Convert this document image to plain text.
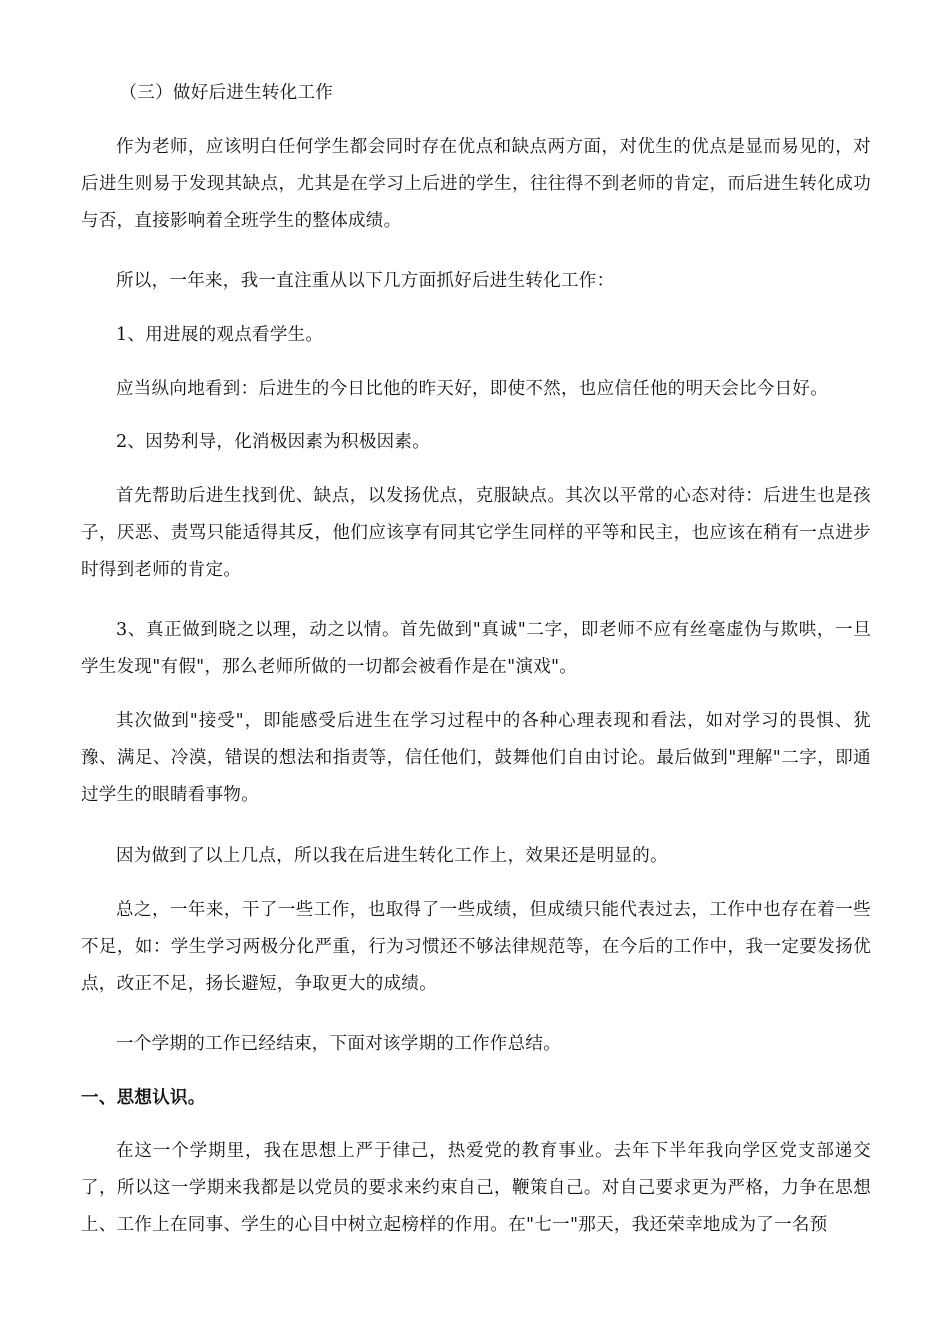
（三）做好后进生转化工作

作为老师，应该明白任何学生都会同时存在优点和缺点两方面，对优生的优点是显而易见的，对后进生则易于发现其缺点，尤其是在学习上后进的学生，往往得不到老师的肯定，而后进生转化成功与否，直接影响着全班学生的整体成绩。

所以，一年来，我一直注重从以下几方面抓好后进生转化工作：

1、用进展的观点看学生。

应当纵向地看到：后进生的今日比他的昨天好，即使不然，也应信任他的明天会比今日好。

2、因势利导，化消极因素为积极因素。

首先帮助后进生找到优、缺点，以发扬优点，克服缺点。其次以平常的心态对待：后进生也是孩子，厌恶、责骂只能适得其反，他们应该享有同其它学生同样的平等和民主，也应该在稍有一点进步时得到老师的肯定。

3、真正做到晓之以理，动之以情。首先做到"真诚"二字，即老师不应有丝毫虚伪与欺哄，一旦学生发现"有假"，那么老师所做的一切都会被看作是在"演戏"。

其次做到"接受"，即能感受后进生在学习过程中的各种心理表现和看法，如对学习的畏惧、犹豫、满足、冷漠，错误的想法和指责等，信任他们，鼓舞他们自由讨论。最后做到"理解"二字，即通过学生的眼睛看事物。

因为做到了以上几点，所以我在后进生转化工作上，效果还是明显的。

总之，一年来，干了一些工作，也取得了一些成绩，但成绩只能代表过去，工作中也存在着一些不足，如：学生学习两极分化严重，行为习惯还不够法律规范等，在今后的工作中，我一定要发扬优点，改正不足，扬长避短，争取更大的成绩。

一个学期的工作已经结束，下面对该学期的工作作总结。

一、思想认识。

在这一个学期里，我在思想上严于律己，热爱党的教育事业。去年下半年我向学区党支部递交了，所以这一学期来我都是以党员的要求来约束自己，鞭策自己。对自己要求更为严格，力争在思想上、工作上在同事、学生的心目中树立起榜样的作用。在"七一"那天，我还荣幸地成为了一名预
